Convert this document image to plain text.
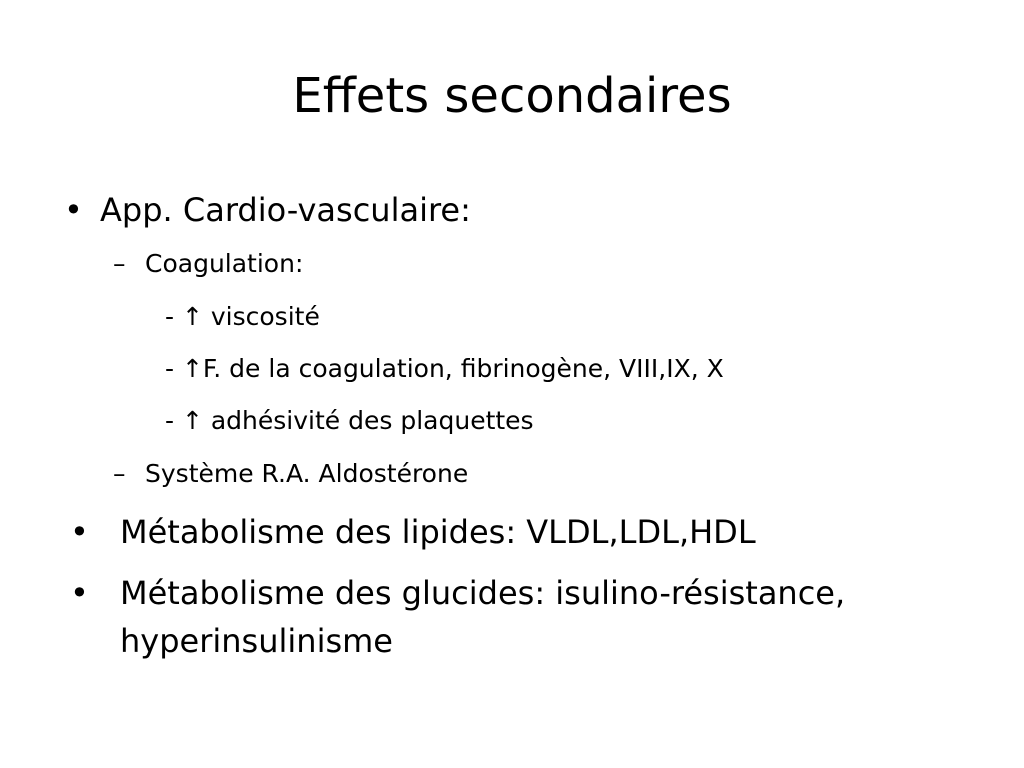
Effets secondaires
• App. Cardio-vasculaire:
– Coagulation:
- ↑ viscosité
- ↑F. de la coagulation, fibrinogène, VIII,IX, X
- ↑ adhésivité des plaquettes
– Système R.A. Aldostérone
• Métabolisme des lipides: VLDL,LDL,HDL
• Métabolisme des glucides: isulino-résistance,
hyperinsulinisme
